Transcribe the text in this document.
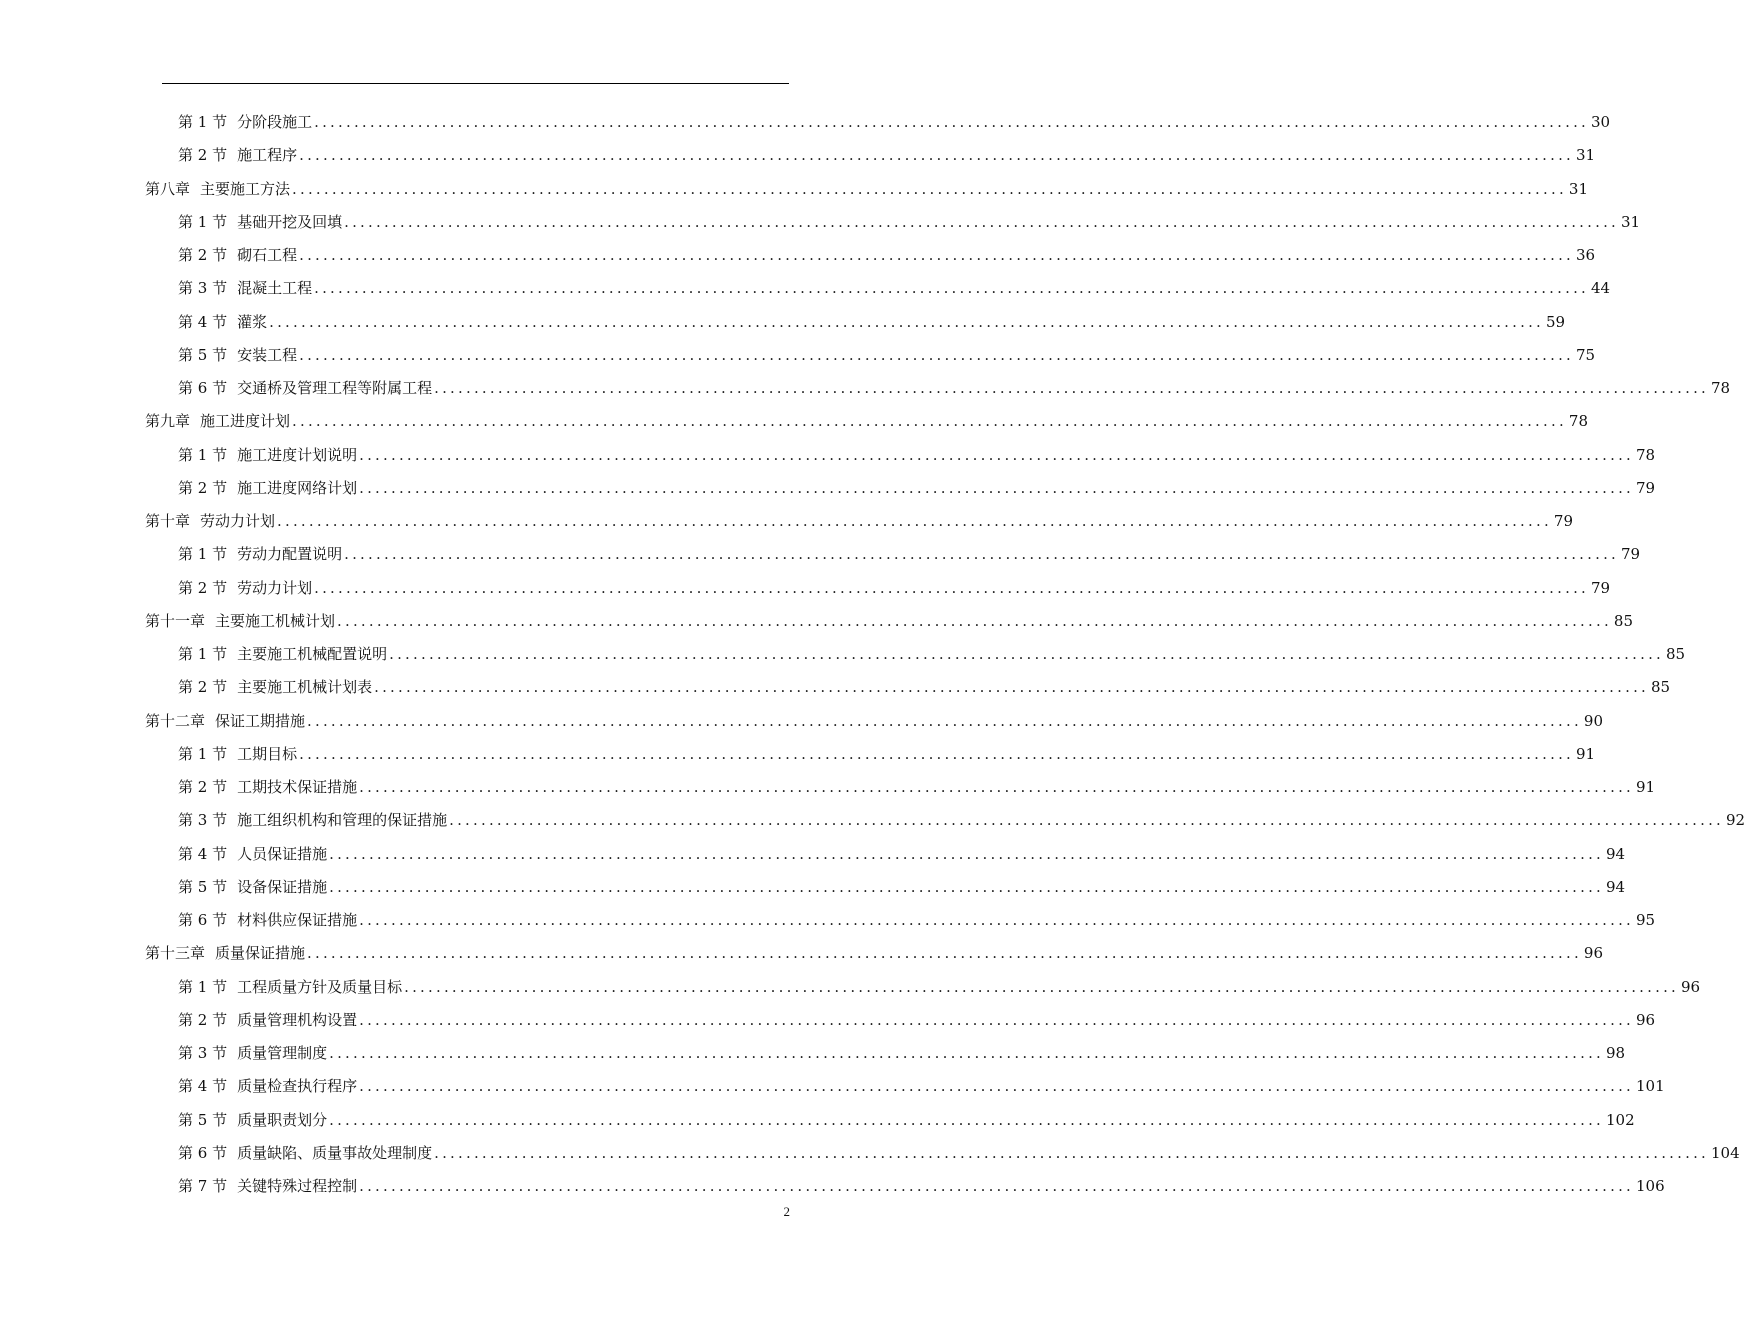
第 1 节 分阶段施工 ................................................................................................................................................................ 30
第 2 节 施工程序 ................................................................................................................................................................ 31
第八章 主要施工方法 ................................................................................................................................................................ 31
第 1 节 基础开挖及回填 ................................................................................................................................................................ 31
第 2 节 砌石工程 ................................................................................................................................................................ 36
第 3 节 混凝土工程 ................................................................................................................................................................ 44
第 4 节 灌浆 ................................................................................................................................................................ 59
第 5 节 安装工程 ................................................................................................................................................................ 75
第 6 节 交通桥及管理工程等附属工程 ................................................................................................................................................................ 78
第九章 施工进度计划 ................................................................................................................................................................ 78
第 1 节 施工进度计划说明 ................................................................................................................................................................ 78
第 2 节 施工进度网络计划 ................................................................................................................................................................ 79
第十章 劳动力计划 ................................................................................................................................................................ 79
第 1 节 劳动力配置说明 ................................................................................................................................................................ 79
第 2 节 劳动力计划 ................................................................................................................................................................ 79
第十一章 主要施工机械计划 ................................................................................................................................................................ 85
第 1 节 主要施工机械配置说明 ................................................................................................................................................................ 85
第 2 节 主要施工机械计划表 ................................................................................................................................................................ 85
第十二章 保证工期措施 ................................................................................................................................................................ 90
第 1 节 工期目标 ................................................................................................................................................................ 91
第 2 节 工期技术保证措施 ................................................................................................................................................................ 91
第 3 节 施工组织机构和管理的保证措施 ................................................................................................................................................................ 92
第 4 节 人员保证措施 ................................................................................................................................................................ 94
第 5 节 设备保证措施 ................................................................................................................................................................ 94
第 6 节 材料供应保证措施 ................................................................................................................................................................ 95
第十三章 质量保证措施 ................................................................................................................................................................ 96
第 1 节 工程质量方针及质量目标 ................................................................................................................................................................ 96
第 2 节 质量管理机构设置 ................................................................................................................................................................ 96
第 3 节 质量管理制度 ................................................................................................................................................................ 98
第 4 节 质量检查执行程序 ................................................................................................................................................................ 101
第 5 节 质量职责划分 ................................................................................................................................................................ 102
第 6 节 质量缺陷、质量事故处理制度 ................................................................................................................................................................ 104
第 7 节 关键特殊过程控制 ................................................................................................................................................................ 106
2
